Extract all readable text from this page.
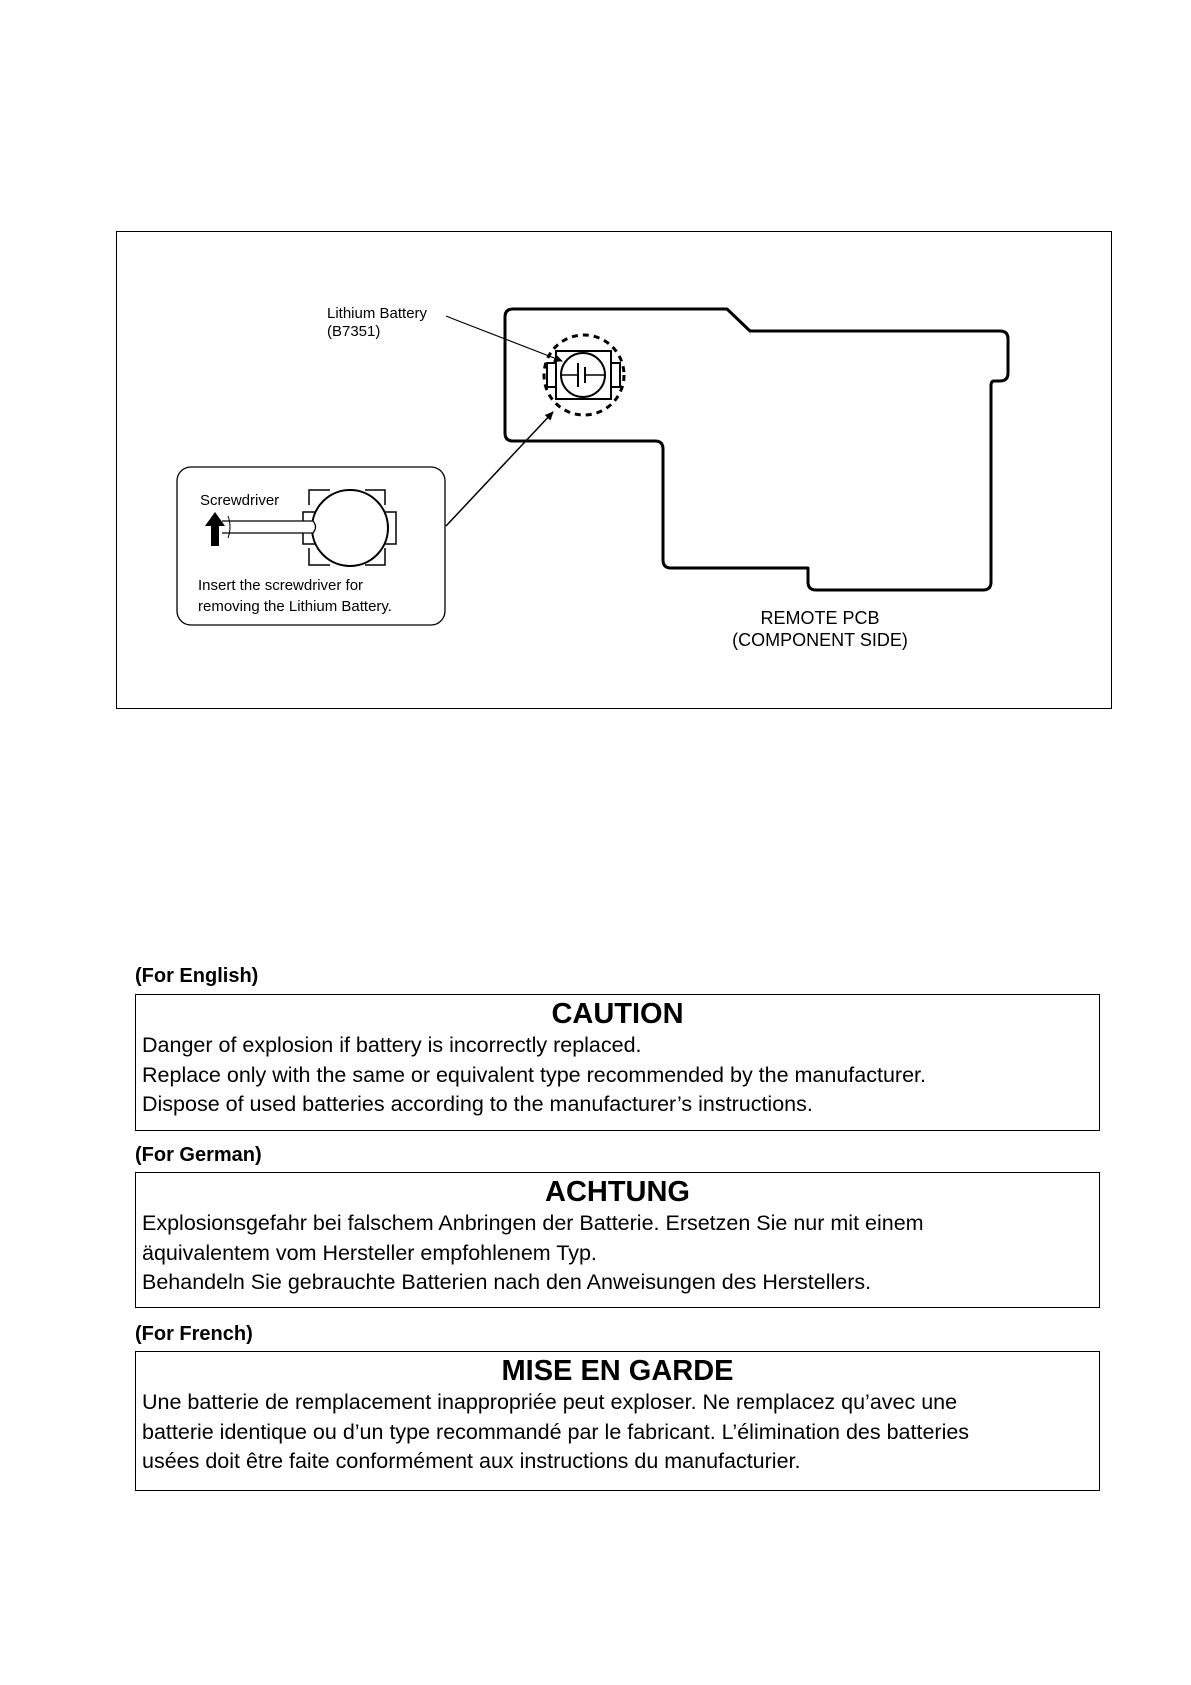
Lithium Battery
(B7351)
Screwdriver
Insert the screwdriver for
removing the Lithium Battery.
REMOTE PCB
(COMPONENT SIDE)
(For English)
CAUTION
Danger of explosion if battery is incorrectly replaced.
Replace only with the same or equivalent type recommended by the manufacturer.
Dispose of used batteries according to the manufacturer’s instructions.
(For German)
ACHTUNG
Explosionsgefahr bei falschem Anbringen der Batterie. Ersetzen Sie nur mit einem
äquivalentem vom Hersteller empfohlenem Typ.
Behandeln Sie gebrauchte Batterien nach den Anweisungen des Herstellers.
(For French)
MISE EN GARDE
Une batterie de remplacement inappropriée peut exploser. Ne remplacez qu’avec une
batterie identique ou d’un type recommandé par le fabricant. L’élimination des batteries
usées doit être faite conformément aux instructions du manufacturier.
